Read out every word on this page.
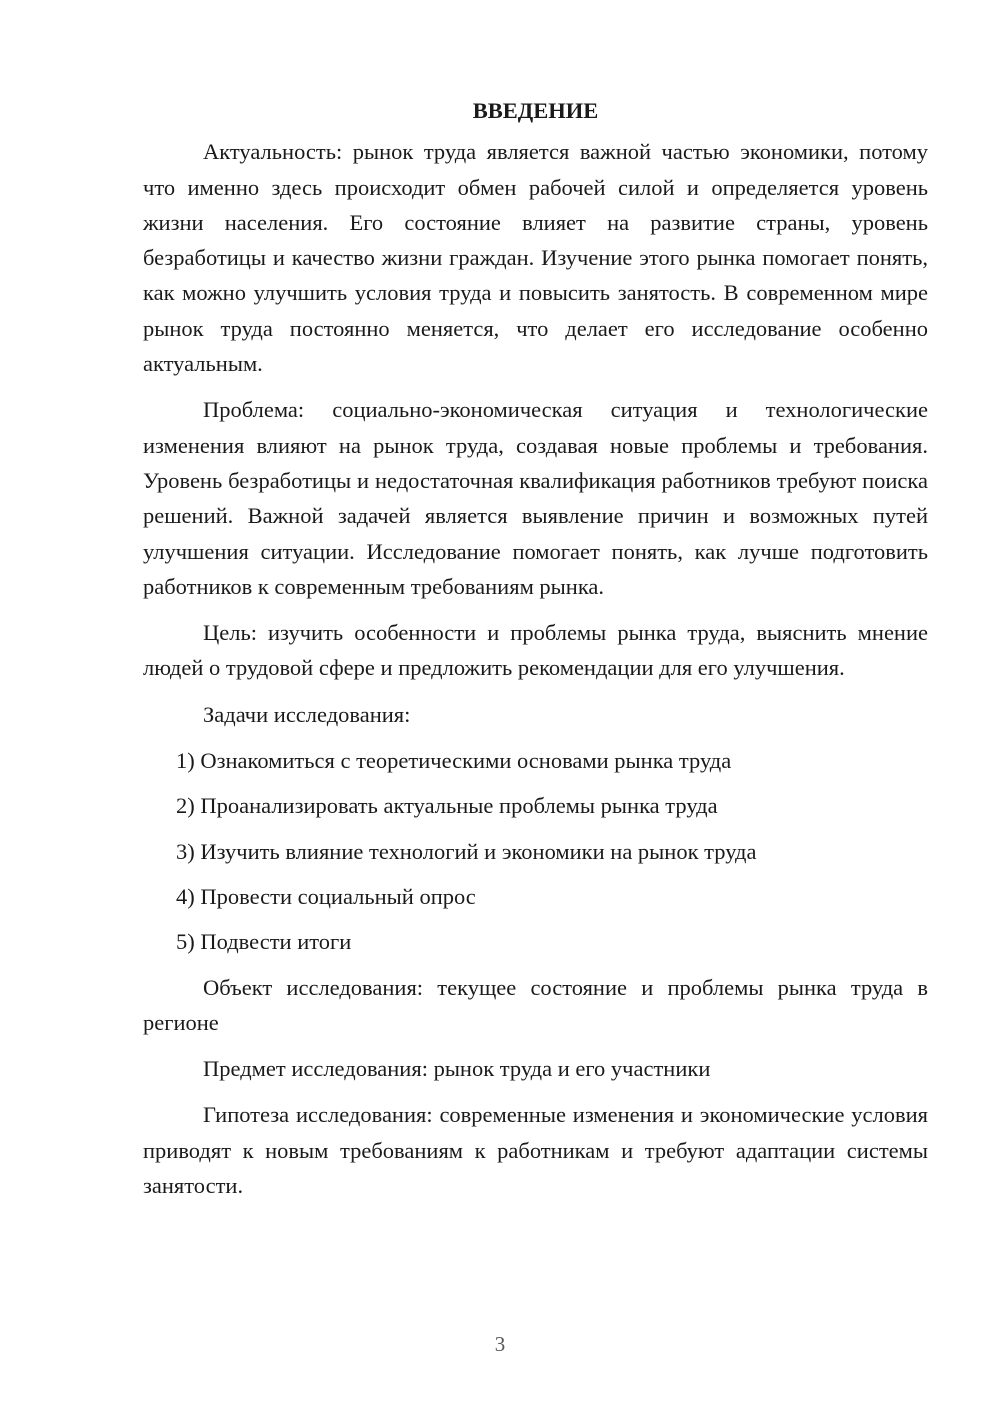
ВВЕДЕНИЕ

Актуальность: рынок труда является важной частью экономики, потому что именно здесь происходит обмен рабочей силой и определяется уровень жизни населения. Его состояние влияет на развитие страны, уровень безработицы и качество жизни граждан. Изучение этого рынка помогает понять, как можно улучшить условия труда и повысить занятость. В современном мире рынок труда постоянно меняется, что делает его исследование особенно актуальным.

Проблема: социально-экономическая ситуация и технологические изменения влияют на рынок труда, создавая новые проблемы и требования. Уровень безработицы и недостаточная квалификация работников требуют поиска решений. Важной задачей является выявление причин и возможных путей улучшения ситуации. Исследование помогает понять, как лучше подготовить работников к современным требованиям рынка.

Цель: изучить особенности и проблемы рынка труда, выяснить мнение людей о трудовой сфере и предложить рекомендации для его улучшения.

Задачи исследования:

1) Ознакомиться с теоретическими основами рынка труда
2) Проанализировать актуальные проблемы рынка труда
3) Изучить влияние технологий и экономики на рынок труда
4) Провести социальный опрос
5) Подвести итоги

Объект исследования: текущее состояние и проблемы рынка труда в регионе

Предмет исследования: рынок труда и его участники

Гипотеза исследования: современные изменения и экономические условия приводят к новым требованиям к работникам и требуют адаптации системы занятости.

3
